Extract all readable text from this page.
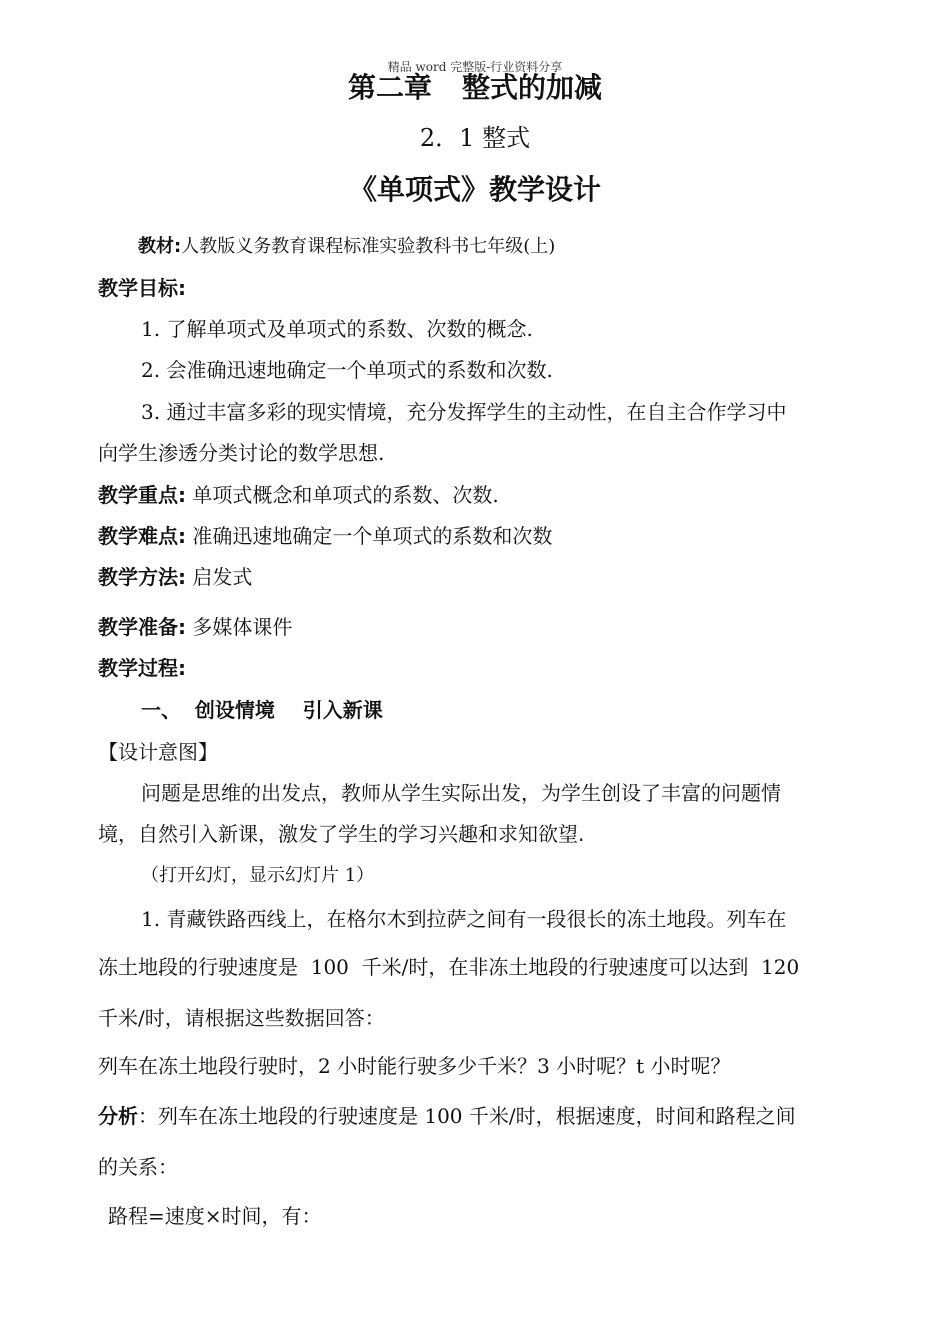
精品 word 完整版-行业资料分享
第二章 整式的加减
2．1 整式
《单项式》教学设计
教材:人教版义务教育课程标准实验教科书七年级(上)
教学目标:
1. 了解单项式及单项式的系数、次数的概念.
2. 会准确迅速地确定一个单项式的系数和次数.
3. 通过丰富多彩的现实情境，充分发挥学生的主动性，在自主合作学习中
向学生渗透分类讨论的数学思想.
教学重点: 单项式概念和单项式的系数、次数.
教学难点: 准确迅速地确定一个单项式的系数和次数
教学方法: 启发式
教学准备: 多媒体课件
教学过程:
一、  创设情境    引入新课
【设计意图】
问题是思维的出发点，教师从学生实际出发，为学生创设了丰富的问题情
境，自然引入新课，激发了学生的学习兴趣和求知欲望.
（打开幻灯，显示幻灯片 1）
1. 青藏铁路西线上，在格尔木到拉萨之间有一段很长的冻土地段。列车在
冻土地段的行驶速度是  100  千米/时，在非冻土地段的行驶速度可以达到  120
千米/时，请根据这些数据回答：
列车在冻土地段行驶时，2 小时能行驶多少千米？3 小时呢？t 小时呢？
分析：列车在冻土地段的行驶速度是 100 千米/时，根据速度，时间和路程之间
的关系：
路程=速度×时间，有：
